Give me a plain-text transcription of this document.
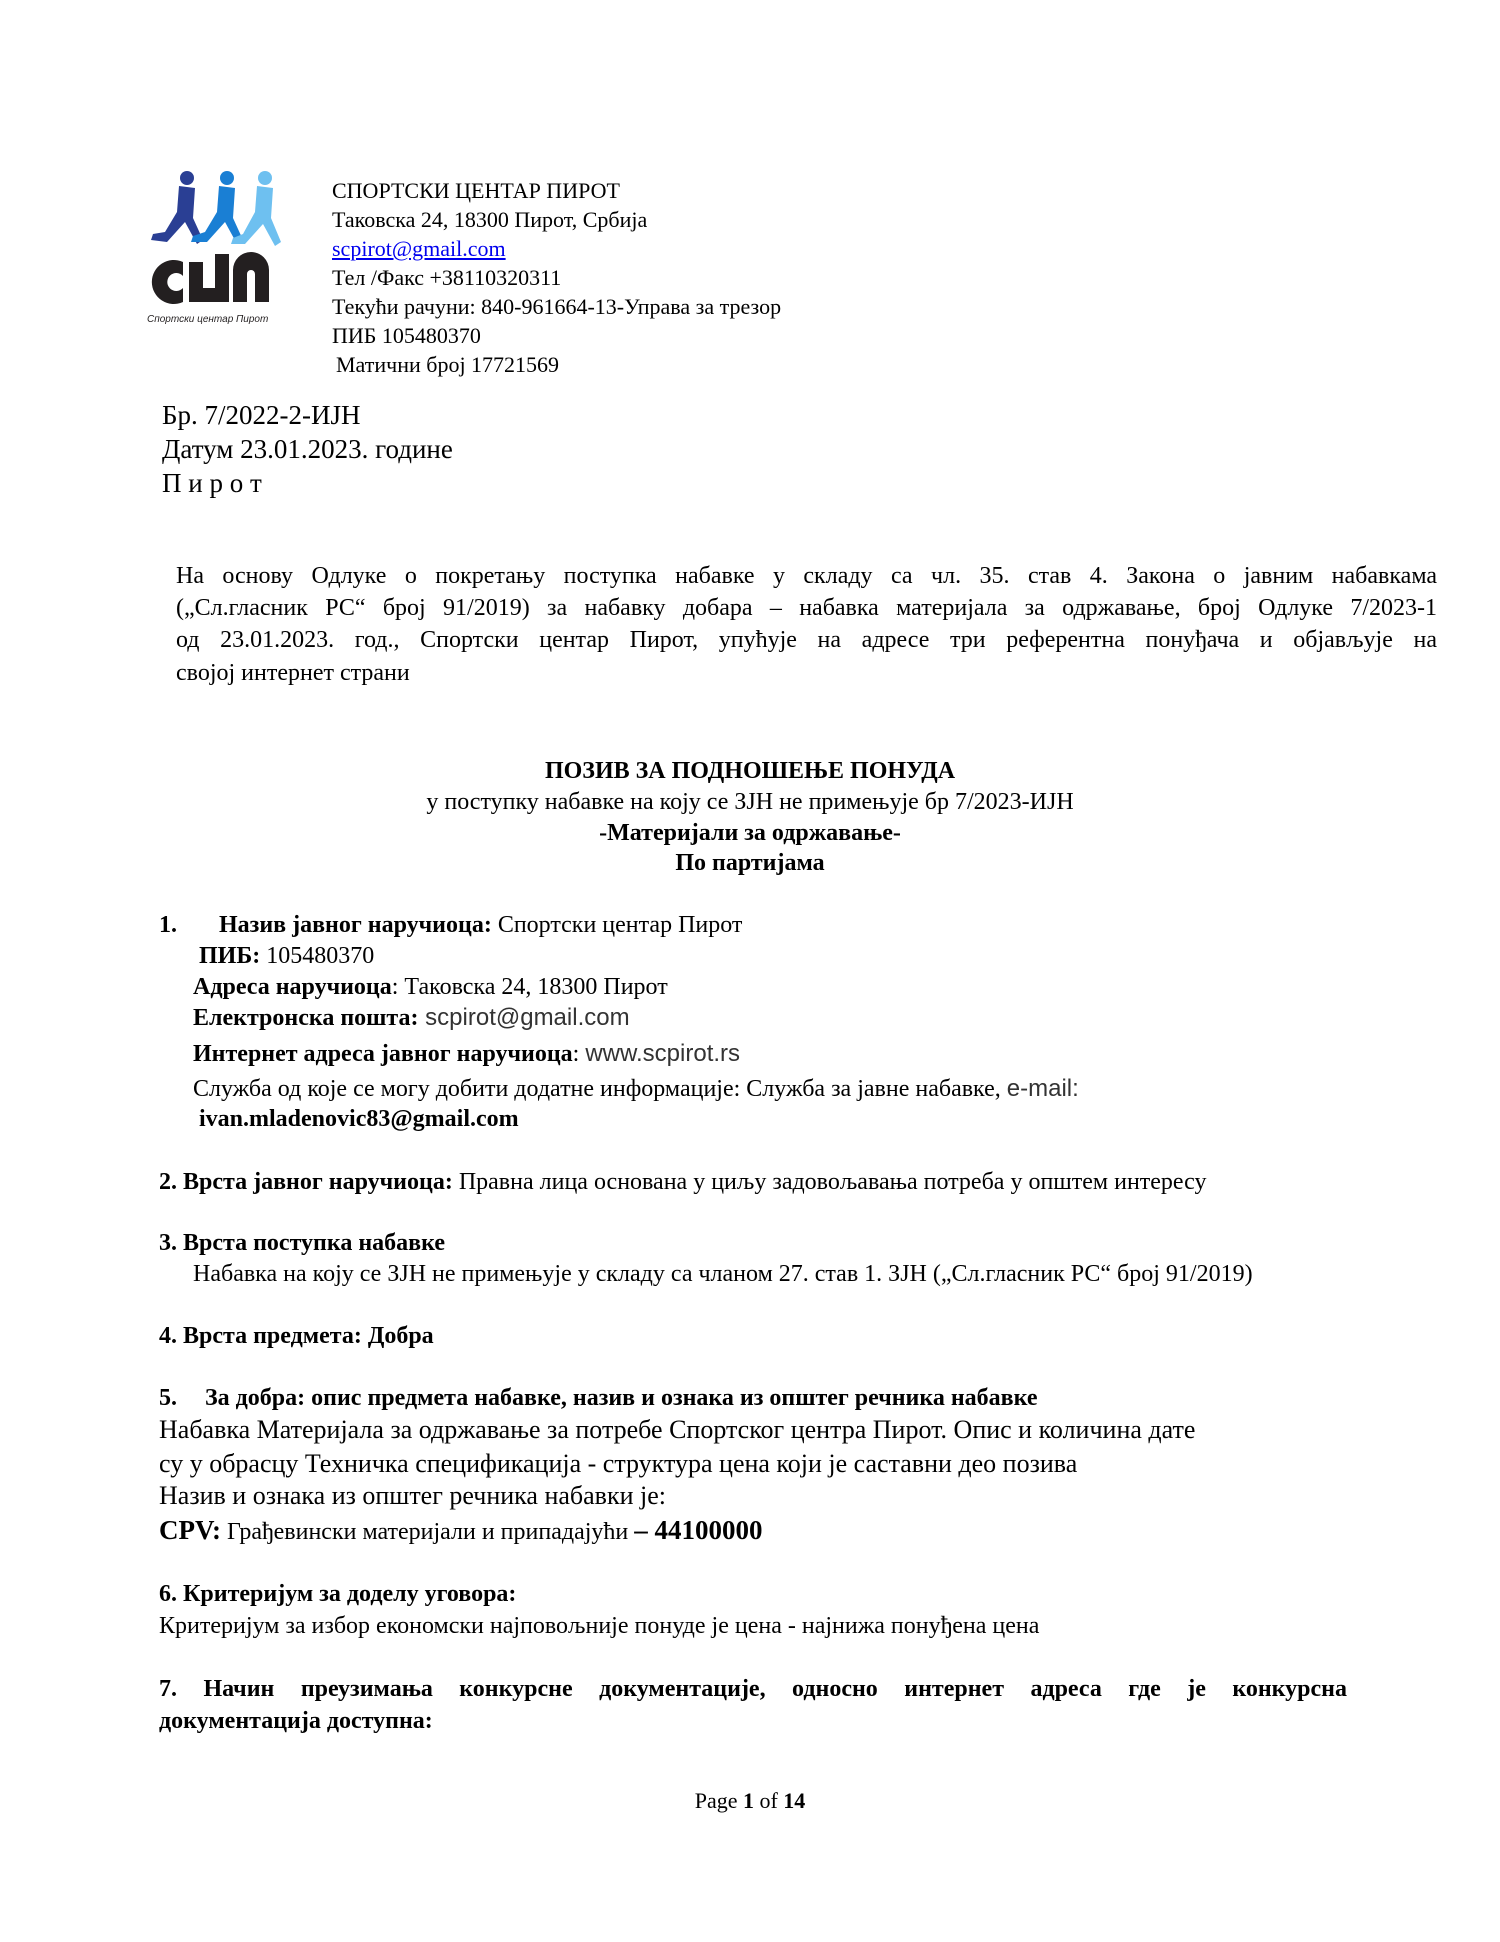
Спортски центар Пирот
СПОРТСКИ ЦЕНТАР ПИРОТ
Таковска 24, 18300 Пирот, Србија
scpirot@gmail.com
Тел /Факс +38110320311
Текући рачуни: 840-961664-13-Управа за трезор
ПИБ 105480370
Матични број 17721569
Бр. 7/2022-2-ИЈН
Датум 23.01.2023. године
П и р о т
На основу Одлуке о покретању поступка набавке у складу са чл. 35. став 4. Закона о јавним набавкама
(„Сл.гласник РС“ број 91/2019) за набавку добара – набавка материјала за одржавање, број Одлуке 7/2023-1
од 23.01.2023. год., Спортски центар Пирот, упућује на адресе три референтна понуђача и објављује на
својој интернет страни
ПОЗИВ ЗА ПОДНОШЕЊЕ ПОНУДА
у поступку набавке на коју се ЗЈН не примењује бр 7/2023-ИЈН
-Материјали за одржавање-
По партијама
1. Назив јавног наручиоца: Спортски центар Пирот
ПИБ: 105480370
Адреса наручиоца: Таковска 24, 18300 Пирот
Електронска пошта: scpirot@gmail.com
Интернет адреса јавног наручиоца: www.scpirot.rs
Служба од које се могу добити додатне информације: Служба за јавне набавке, e-mail:
ivan.mladenovic83@gmail.com
2. Врста јавног наручиоца: Правна лица основана у циљу задовољавања потреба у општем интересу
3. Врста поступка набавке
Набавка на коју се ЗЈН не примењује у складу са чланом 27. став 1. ЗЈН („Сл.гласник РС“ број 91/2019)
4. Врста предмета: Добра
5. За добра: опис предмета набавке, назив и ознака из општег речника набавке
Набавка Материјала за одржавање за потребе Спортског центра Пирот. Опис и количина дате
су у обрасцу Техничка спецификација - структура цена који је саставни део позива
Назив и ознака из општег речника набавки је:
CPV: Грађевински материјали и припадајући – 44100000
6. Критеријум за доделу уговора:
Критеријум за избор економски најповољније понуде је цена - најнижа понуђена цена
7. Начин преузимања конкурсне документације, односно интернет адреса где је конкурсна
документација доступна:
Page 1 of 14
